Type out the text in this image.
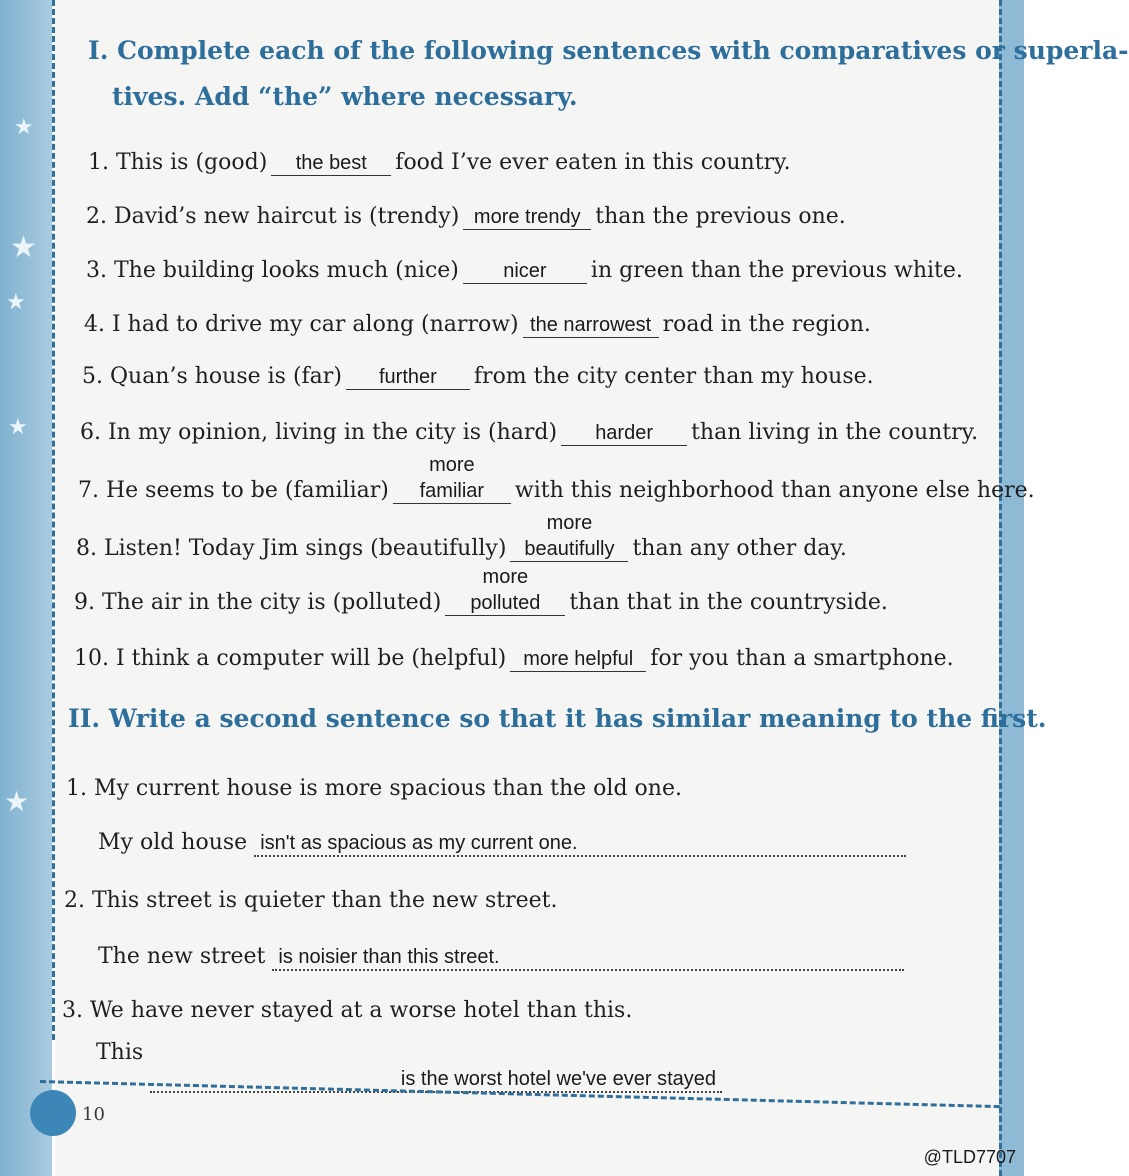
★
★
★
★
★
I. Complete each of the following sentences with comparatives or superla-
tives. Add “the” where necessary.
1. This is (good) the best food I’ve ever eaten in this country.
2. David’s new haircut is (trendy) more trendy than the previous one.
3. The building looks much (nice) nicer in green than the previous white.
4. I had to drive my car along (narrow) the narrowest road in the region.
5. Quan’s house is (far) further from the city center than my house.
6. In my opinion, living in the city is (hard) harder than living in the country.
7. He seems to be (familiar)
more
familiar with this neighborhood than anyone else here.
8. Listen! Today Jim sings (beautifully)
more
beautifully than any other day.
9. The air in the city is (polluted)
more
polluted than that in the countryside.
10. I think a computer will be (helpful) more helpful for you than a smartphone.
II. Write a second sentence so that it has similar meaning to the first.
1. My current house is more spacious than the old one.
My old house isn't as spacious as my current one.
2. This street is quieter than the new street.
The new street is noisier than this street.
3. We have never stayed at a worse hotel than this.
This
is the worst hotel we've ever stayed
10
@TLD7707
